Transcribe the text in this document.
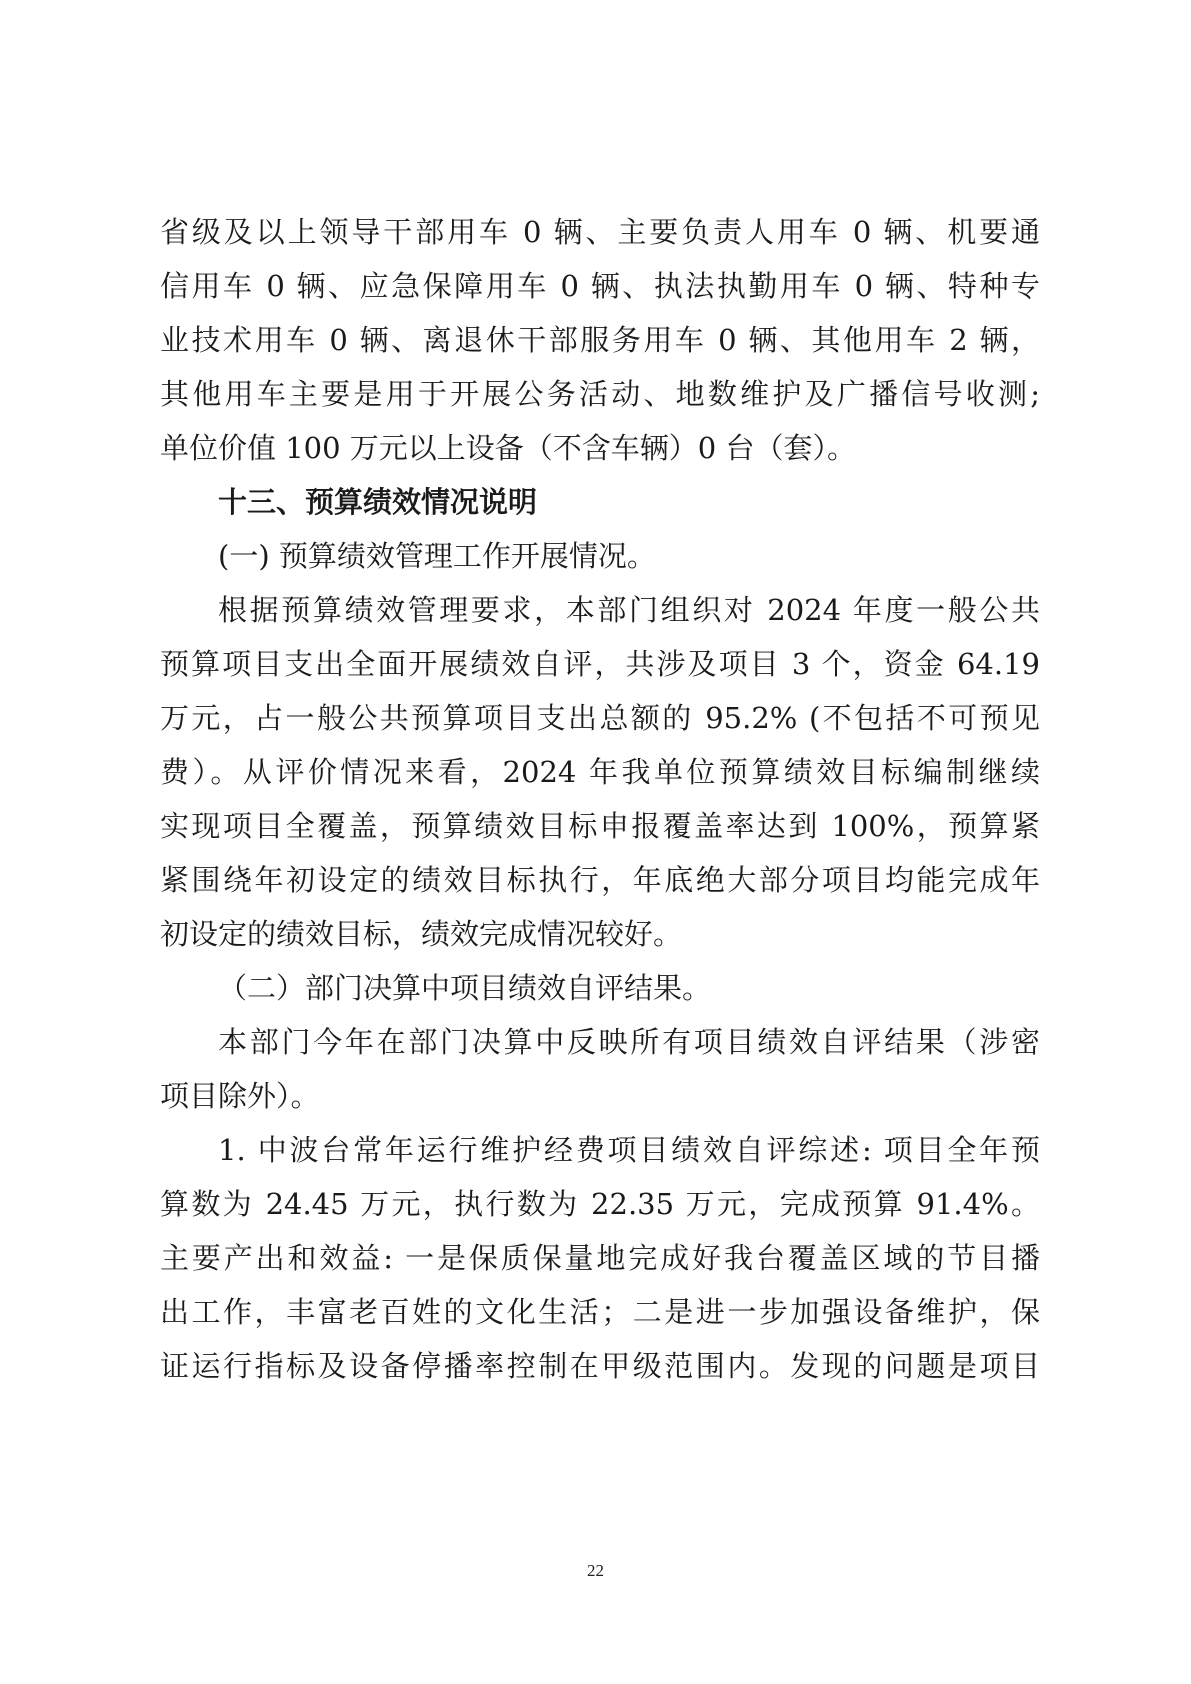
省级及以上领导干部用车 0 辆、主要负责人用车 0 辆、机要通
信用车 0 辆、应急保障用车 0 辆、执法执勤用车 0 辆、特种专
业技术用车 0 辆、离退休干部服务用车 0 辆、其他用车 2 辆，
其他用车主要是用于开展公务活动、地数维护及广播信号收测;
单位价值 100 万元以上设备（不含车辆）0 台（套）。
十三、预算绩效情况说明
(一) 预算绩效管理工作开展情况。
根据预算绩效管理要求，本部门组织对 2024 年度一般公共
预算项目支出全面开展绩效自评，共涉及项目 3 个，资金 64.19
万元，占一般公共预算项目支出总额的 95.2% (不包括不可预见
费）。从评价情况来看，2024 年我单位预算绩效目标编制继续
实现项目全覆盖，预算绩效目标申报覆盖率达到 100%，预算紧
紧围绕年初设定的绩效目标执行，年底绝大部分项目均能完成年
初设定的绩效目标，绩效完成情况较好。
（二）部门决算中项目绩效自评结果。
本部门今年在部门决算中反映所有项目绩效自评结果（涉密
项目除外）。
1. 中波台常年运行维护经费项目绩效自评综述: 项目全年预
算数为 24.45 万元，执行数为 22.35 万元，完成预算 91.4%。
主要产出和效益: 一是保质保量地完成好我台覆盖区域的节目播
出工作，丰富老百姓的文化生活；二是进一步加强设备维护，保
证运行指标及设备停播率控制在甲级范围内。发现的问题是项目
22
